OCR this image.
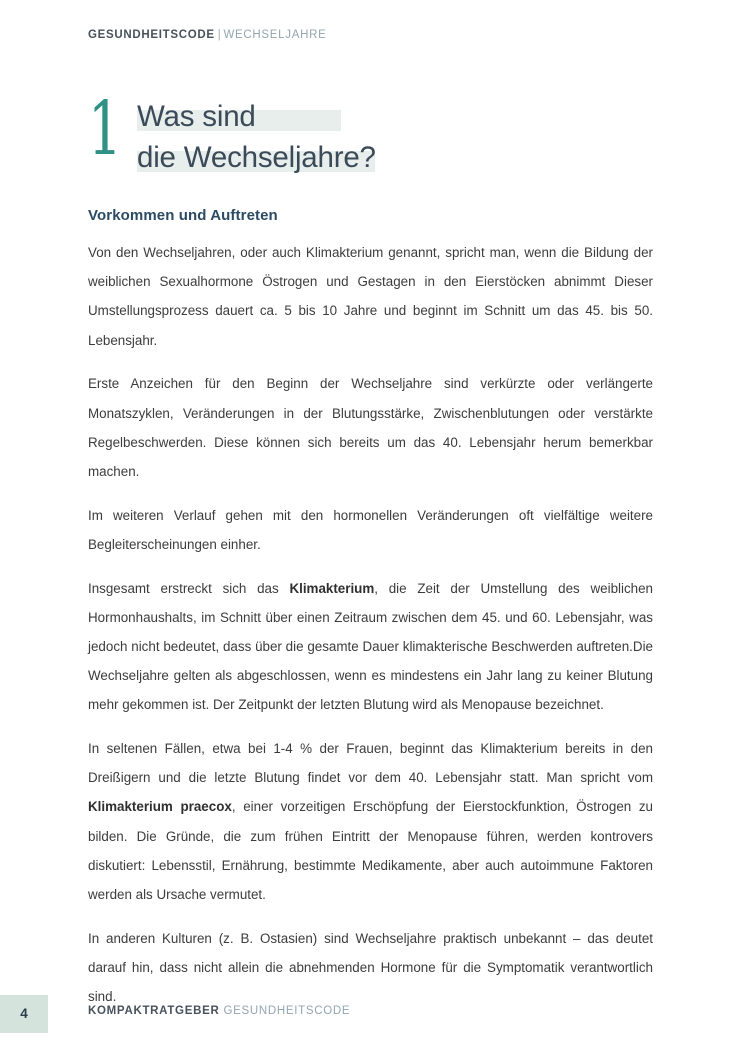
GESUNDHEITSCODE | WECHSELJAHRE
1 Was sind
die Wechseljahre?
Vorkommen und Auftreten

Von den Wechseljahren, oder auch Klimakterium genannt, spricht man, wenn die Bildung der weiblichen Sexualhormone Östrogen und Gestagen in den Eierstöcken abnimmt Dieser Umstellungsprozess dauert ca. 5 bis 10 Jahre und beginnt im Schnitt um das 45. bis 50. Lebensjahr.

Erste Anzeichen für den Beginn der Wechseljahre sind verkürzte oder verlängerte Monatszyklen, Veränderungen in der Blutungsstärke, Zwischenblutungen oder verstärkte Regelbeschwerden. Diese können sich bereits um das 40. Lebensjahr herum bemerkbar machen.

Im weiteren Verlauf gehen mit den hormonellen Veränderungen oft vielfältige weitere Begleiterscheinungen einher.

Insgesamt erstreckt sich das Klimakterium, die Zeit der Umstellung des weiblichen Hormonhaushalts, im Schnitt über einen Zeitraum zwischen dem 45. und 60. Lebensjahr, was jedoch nicht bedeutet, dass über die gesamte Dauer klimakterische Beschwerden auftreten.Die Wechseljahre gelten als abgeschlossen, wenn es mindestens ein Jahr lang zu keiner Blutung mehr gekommen ist. Der Zeitpunkt der letzten Blutung wird als Menopause bezeichnet.

In seltenen Fällen, etwa bei 1-4 % der Frauen, beginnt das Klimakterium bereits in den Dreißigern und die letzte Blutung findet vor dem 40. Lebensjahr statt. Man spricht vom Klimakterium praecox, einer vorzeitigen Erschöpfung der Eierstockfunktion, Östrogen zu bilden. Die Gründe, die zum frühen Eintritt der Menopause führen, werden kontrovers diskutiert: Lebensstil, Ernährung, bestimmte Medikamente, aber auch autoimmune Faktoren werden als Ursache vermutet.

In anderen Kulturen (z. B. Ostasien) sind Wechseljahre praktisch unbekannt – das deutet darauf hin, dass nicht allein die abnehmenden Hormone für die Symptomatik verantwortlich sind.

4	KOMPAKTRATGEBER GESUNDHEITSCODE
